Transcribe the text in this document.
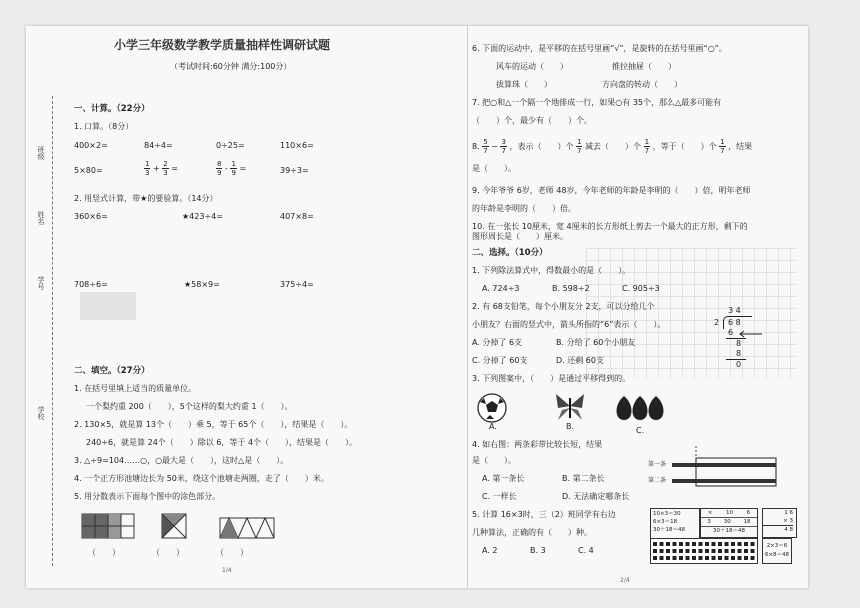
小学三年级数学教学质量抽样性调研试题
（考试时间:60分钟 满分:100分）
班级
姓名
学号
学校
一、计算。（22分）
1. 口算。（8分）
400×2=	84÷4=	0÷25=	110×6=
5×80=	$\frac{1}{3} + \frac{2}{3}$ =	$\frac{8}{9} - \frac{1}{9}$ =	39÷3=
2. 用竖式计算，带★的要验算。（14分）
360×6=	★423÷4=	407×8=
708÷6=	★58×9=	375÷4=
二、填空。（27分）
1. 在括号里填上适当的质量单位。
一个梨约重 200（　　），5个这样的梨大约重 1（　　）。
2. 130×5，就是算 13个（　　）乘 5，等于 65个（　　），结果是（　　）。
240÷6，就是算 24个（　　）除以 6，等于 4个（　　），结果是（　　）。
3. △÷9=104……○，○最大是（　　），这时△是（　　）。
4. 一个正方形池塘边长为 50米，绕这个池塘走两圈，走了（　　）米。
5. 用分数表示下面每个图中的涂色部分。
（　　）	（　　）	（　　）
1/4
6. 下面的运动中，是平移的在括号里画“√”，是旋转的在括号里画“○”。
风车的运动（　　）	推拉抽屉（　　）
拔算珠（　　）	方向盘的转动（　　）
7. 把○和△一个隔一个地排成一行，如果○有 35个，那么△最多可能有
（　　）个，最少有（　　）个。
8. $\frac{5}{7} - \frac{3}{7}$ ，表示（　　）个 $\frac{1}{7}$ 减去（　　）个 $\frac{1}{7}$ ，等于（　　）个 $\frac{1}{7}$ ，结果
是（　　）。
9. 今年爷爷 6岁，老师 48岁，今年老师的年龄是李明的（　　）倍，明年老师
的年龄是李明的（　　）倍。
10. 在一张长 10厘米，宽 4厘米的长方形纸上剪去一个最大的正方形，剩下的
图形周长是（　　）厘米。
二、选择。（10分）
1. 下列除法算式中，得数最小的是（　　）。
A. 724÷3	B. 598÷2	C. 905÷3
2. 有 68支铅笔，每个小朋友分 2支，可以分给几个
小朋友？右面的竖式中，箭头所指的“6”表示（　　）。
A. 分掉了 6支	B. 分给了 60个小朋友
C. 分掉了 60支	D. 还剩 60支
3 4
2 6 8
6
8
8
0
3. 下列图案中，（　　）是通过平移得到的。
A.	B.	C.
4. 如右图：两条彩带比较长短，结果
是（　　）。
A. 第一条长	B. 第二条长
C. 一样长	D. 无法确定哪条长
第一条
第二条
5. 计算 16×3时，三（2）班同学有右边
几种算法，正确的有（　　）种。
A. 2	B. 3	C. 4
10×3＝30
6×3＝18
30＋18＝48
× 10 6
3 30 18
30＋18＝48
1 6
× 3
4 8
2×3＝6
6×8＝48
2/4
